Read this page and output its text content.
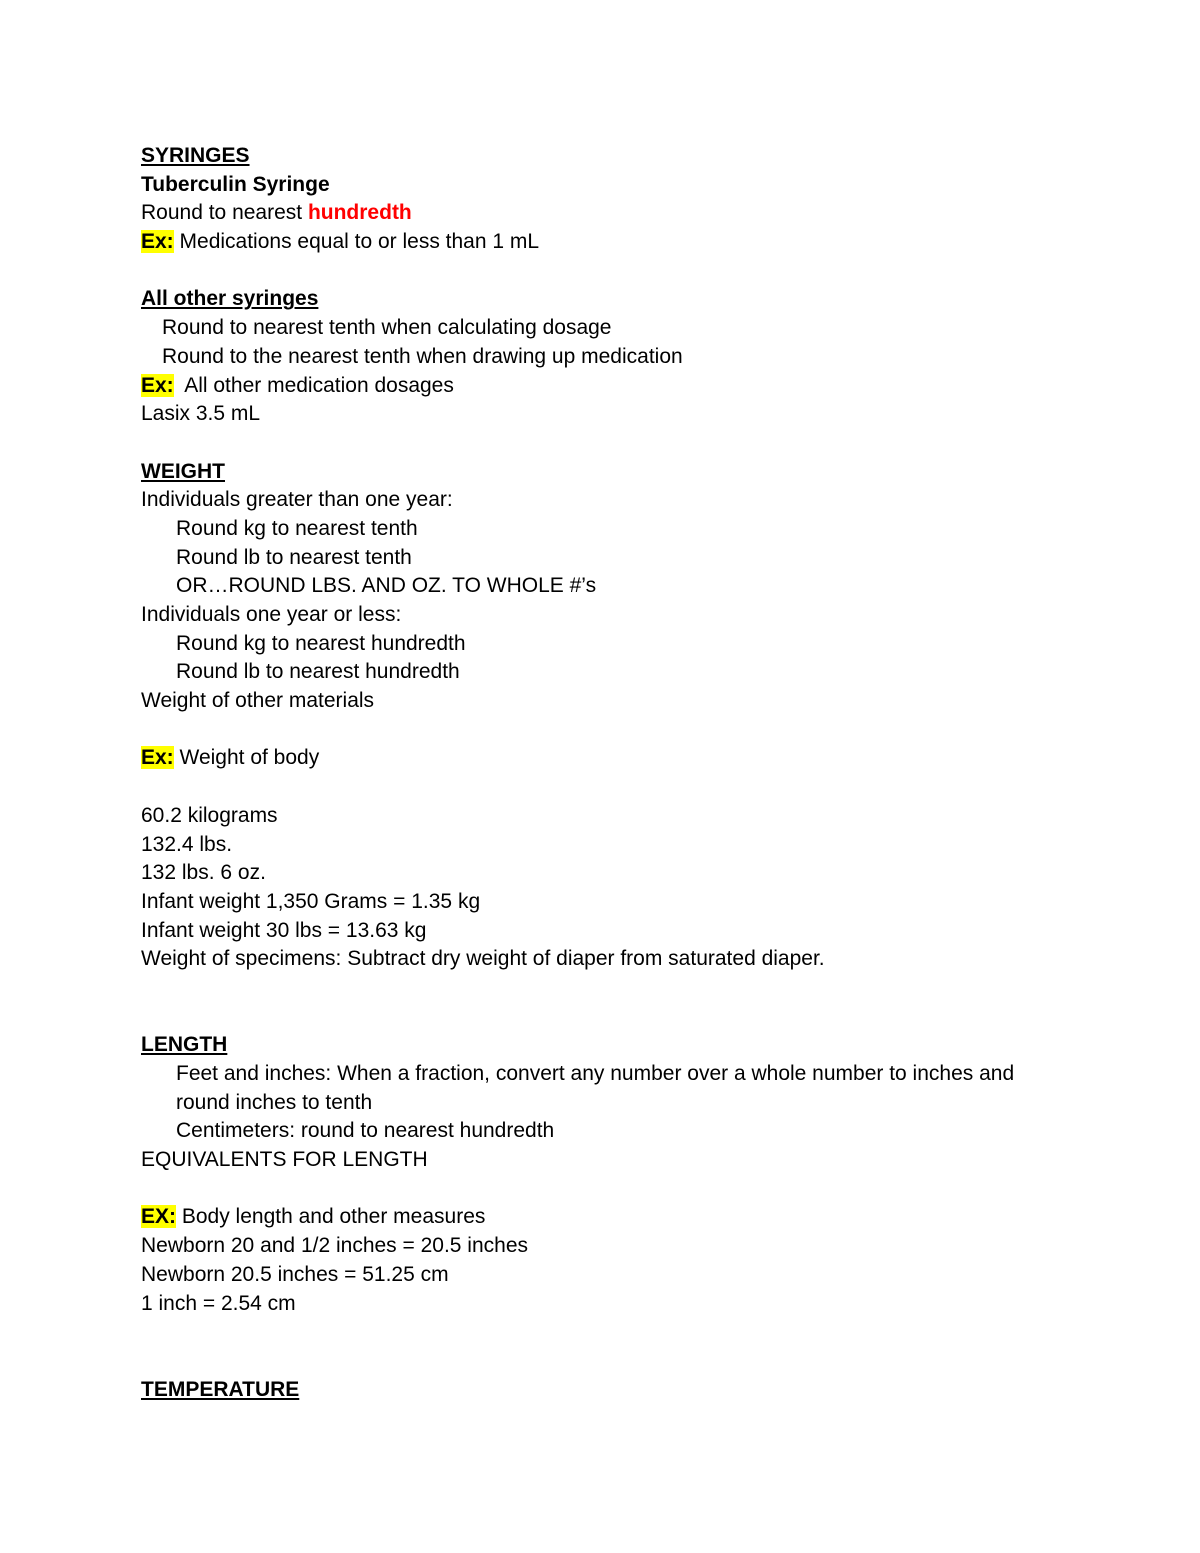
SYRINGES
Tuberculin Syringe
Round to nearest hundredth
Ex: Medications equal to or less than 1 mL
All other syringes
Round to nearest tenth when calculating dosage
Round to the nearest tenth when drawing up medication
Ex:  All other medication dosages
Lasix 3.5 mL
WEIGHT
Individuals greater than one year:
Round kg to nearest tenth
Round lb to nearest tenth
OR…ROUND LBS. AND OZ. TO WHOLE #’s
Individuals one year or less:
Round kg to nearest hundredth
Round lb to nearest hundredth
Weight of other materials
Ex: Weight of body
60.2 kilograms
132.4 lbs.
132 lbs. 6 oz.
Infant weight 1,350 Grams = 1.35 kg
Infant weight 30 lbs = 13.63 kg
Weight of specimens: Subtract dry weight of diaper from saturated diaper.
LENGTH
Feet and inches: When a fraction, convert any number over a whole number to inches and
round inches to tenth
Centimeters: round to nearest hundredth
EQUIVALENTS FOR LENGTH
EX: Body length and other measures
Newborn 20 and 1/2 inches = 20.5 inches
Newborn 20.5 inches = 51.25 cm
1 inch = 2.54 cm
TEMPERATURE
